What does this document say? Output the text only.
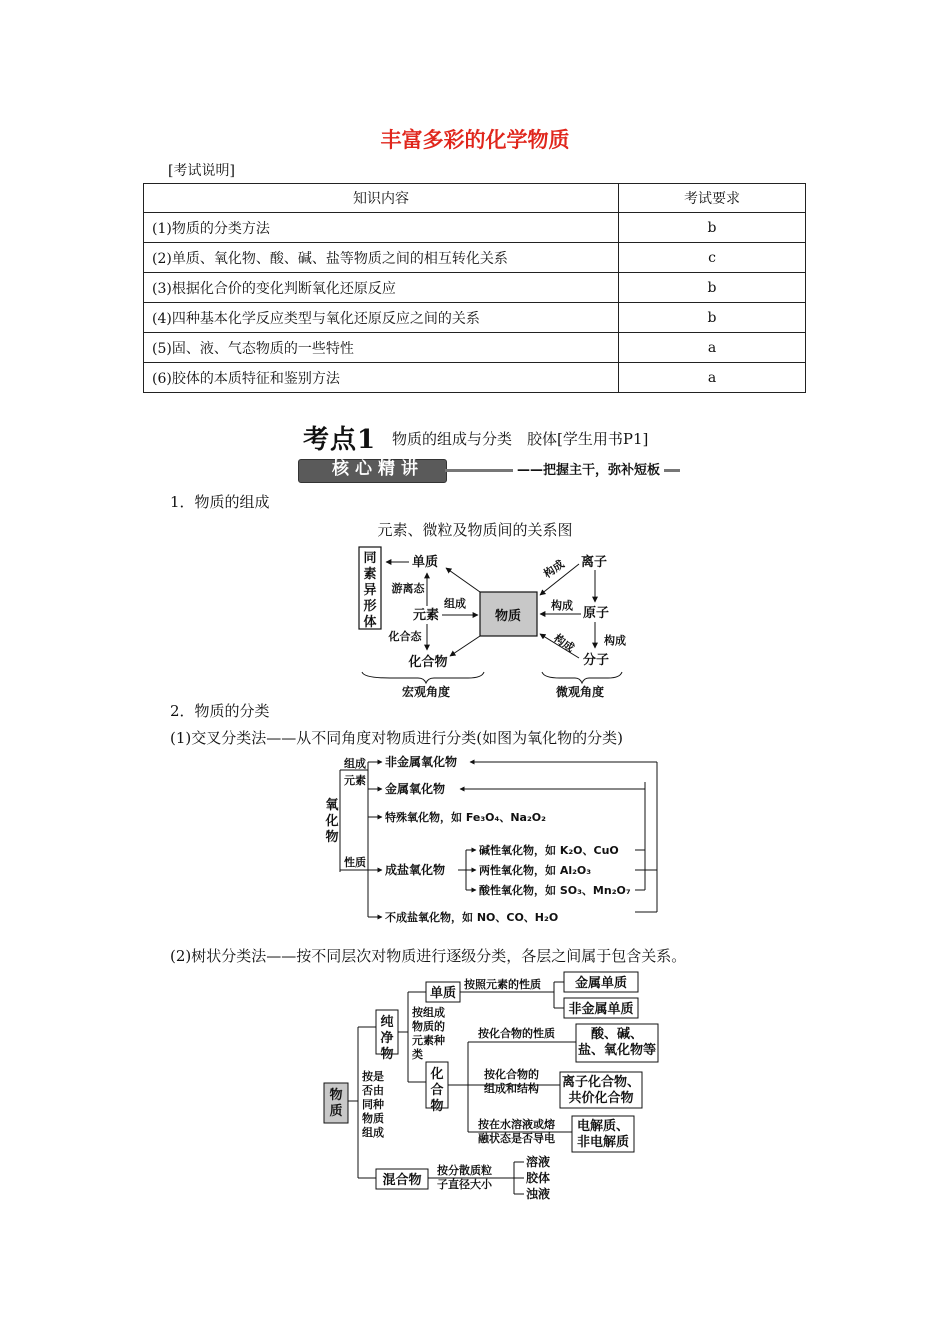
丰富多彩的化学物质
[考试说明]
知识内容	考试要求
(1)物质的分类方法	b
(2)单质、氧化物、酸、碱、盐等物质之间的相互转化关系	c
(3)根据化合价的变化判断氧化还原反应	b
(4)四种基本化学反应类型与氧化还原反应之间的关系	b
(5)固、液、气态物质的一些特性	a
(6)胶体的本质特征和鉴别方法	a
考点1 物质的组成与分类　胶体[学生用书P1]
核心精讲	——把握主干，弥补短板
1．物质的组成
元素、微粒及物质间的关系图
同素异形体
单质
游离态
元素
组成
化合态
化合物
物质
离子
原子
分子
构成
构成
构成
构成
宏观角度	微观角度
2．物质的分类
(1)交叉分类法——从不同角度对物质进行分类(如图为氧化物的分类)
氧化物
组成
元素
性质
非金属氧化物
金属氧化物
特殊氧化物，如 Fe₃O₄、Na₂O₂
成盐氧化物
不成盐氧化物，如 NO、CO、H₂O
碱性氧化物，如 K₂O、CuO
两性氧化物，如 Al₂O₃
酸性氧化物，如 SO₃、Mn₂O₇
(2)树状分类法——按不同层次对物质进行逐级分类，各层之间属于包含关系。
物质
按是否由同种物质组成
纯净物
混合物
按组成物质的元素种类
单质
化合物
按照元素的性质	金属单质
非金属单质
按化合物的性质
按化合物的组成和结构
按在水溶液或熔融状态是否导电
酸、碱、盐、氧化物等
离子化合物、共价化合物
电解质、非电解质
按分散质粒子直径大小
溶液
胶体
浊液
